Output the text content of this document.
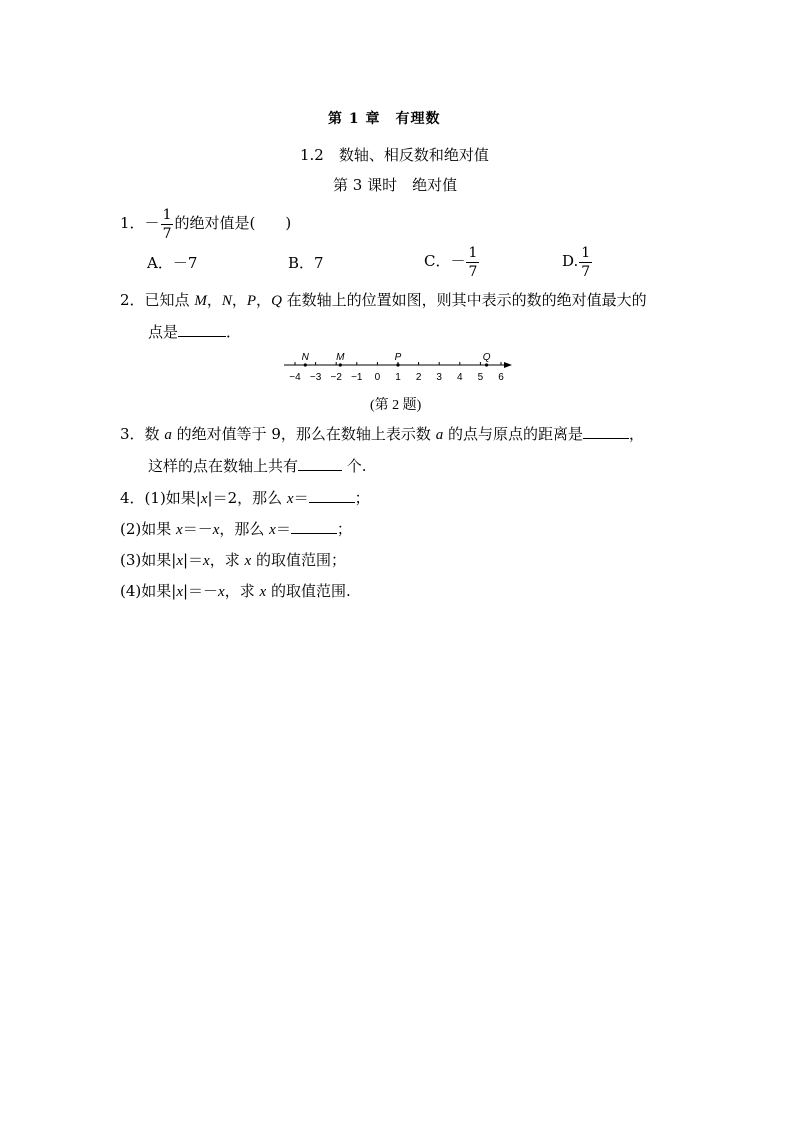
第 1 章　有理数
1.2　数轴、相反数和绝对值
第 3 课时　绝对值
1．－ $\frac{1}{7}$ 的绝对值是(　　)
A．－7	B．7	C．－ $\frac{1}{7}$	D. $\frac{1}{7}$
2．已知点 M，N，P，Q 在数轴上的位置如图，则其中表示的数的绝对值最大的
点是	．
−4 −3 −2 −1 0 1 2 3 4 5 6
N	M	P	Q
(第 2 题)
3．数 a 的绝对值等于 9，那么在数轴上表示数 a 的点与原点的距离是	，
这样的点在数轴上共有	个.
4．(1)如果|x|＝2，那么 x＝	；
(2)如果 x＝－x，那么 x＝	；
(3)如果|x|＝x，求 x 的取值范围；
(4)如果|x|＝－x，求 x 的取值范围.
